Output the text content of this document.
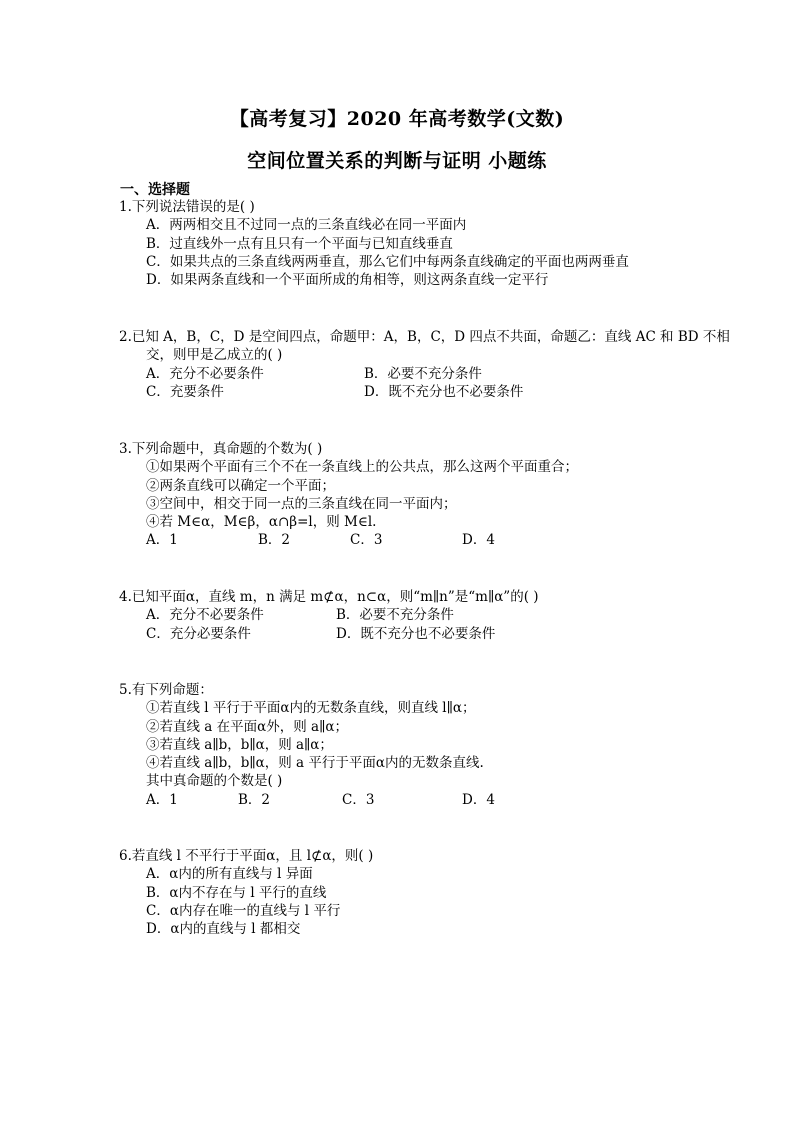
【高考复习】2020 年高考数学(文数)
空间位置关系的判断与证明 小题练
一、选择题

1.下列说法错误的是( )

A．两两相交且不过同一点的三条直线必在同一平面内

B．过直线外一点有且只有一个平面与已知直线垂直

C．如果共点的三条直线两两垂直，那么它们中每两条直线确定的平面也两两垂直

D．如果两条直线和一个平面所成的角相等，则这两条直线一定平行

2.已知 A，B，C，D 是空间四点，命题甲：A，B，C，D 四点不共面，命题乙：直线 AC 和 BD 不相

交，则甲是乙成立的( )

A．充分不必要条件	B．必要不充分条件
C．充要条件	D．既不充分也不必要条件

3.下列命题中，真命题的个数为( )

①如果两个平面有三个不在一条直线上的公共点，那么这两个平面重合；

②两条直线可以确定一个平面；

③空间中，相交于同一点的三条直线在同一平面内；

④若 M∈α，M∈β，α∩β=l，则 M∈l.

A．1	B．2	C．3	D．4

4.已知平面α，直线 m，n 满足 m⊄α，n⊂α，则“m∥n”是“m∥α”的( )

A．充分不必要条件	B．必要不充分条件
C．充分必要条件	D．既不充分也不必要条件

5.有下列命题：

①若直线 l 平行于平面α内的无数条直线，则直线 l∥α；

②若直线 a 在平面α外，则 a∥α；

③若直线 a∥b，b∥α，则 a∥α；

④若直线 a∥b，b∥α，则 a 平行于平面α内的无数条直线.

其中真命题的个数是( )

A．1	B．2	C．3	D．4

6.若直线 l 不平行于平面α，且 l⊄α，则( )

A．α内的所有直线与 l 异面

B．α内不存在与 l 平行的直线

C．α内存在唯一的直线与 l 平行

D．α内的直线与 l 都相交
